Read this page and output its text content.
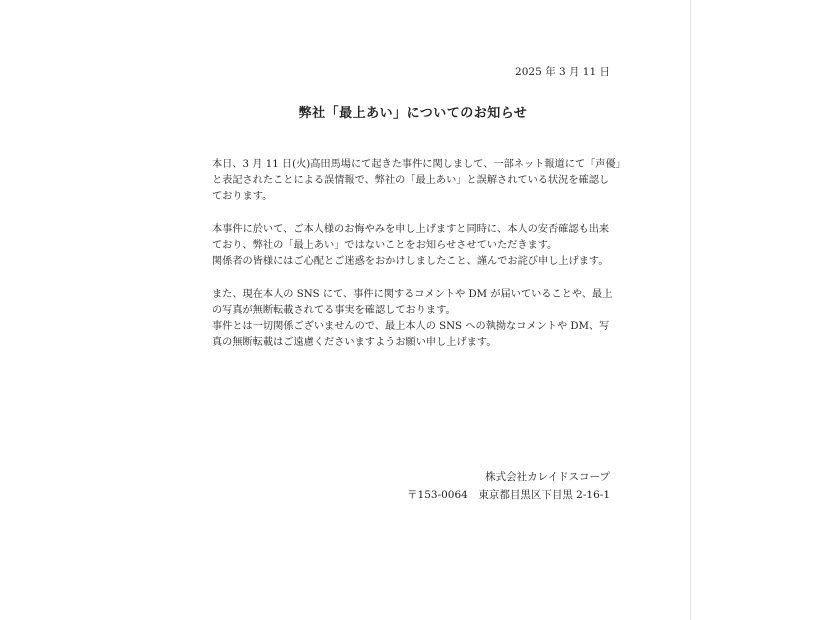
2025 年 3 月 11 日
弊社「最上あい」についてのお知らせ

本日、3 月 11 日(火)高田馬場にて起きた事件に関しまして、一部ネット報道にて「声優」
と表記されたことによる誤情報で、弊社の「最上あい」と誤解されている状況を確認し
ております。

本事件に於いて、ご本人様のお悔やみを申し上げますと同時に、本人の安否確認も出来
ており、弊社の「最上あい」ではないことをお知らせさせていただきます。
関係者の皆様にはご心配とご迷惑をおかけしましたこと、謹んでお詫び申し上げます。

また、現在本人の SNS にて、事件に関するコメントや DM が届いていることや、最上
の写真が無断転載されてる事実を確認しております。
事件とは一切関係ございませんので、最上本人の SNS への執拗なコメントや DM、写
真の無断転載はご遠慮くださいますようお願い申し上げます。

株式会社カレイドスコープ
〒153-0064　東京都目黒区下目黒 2-16-1
